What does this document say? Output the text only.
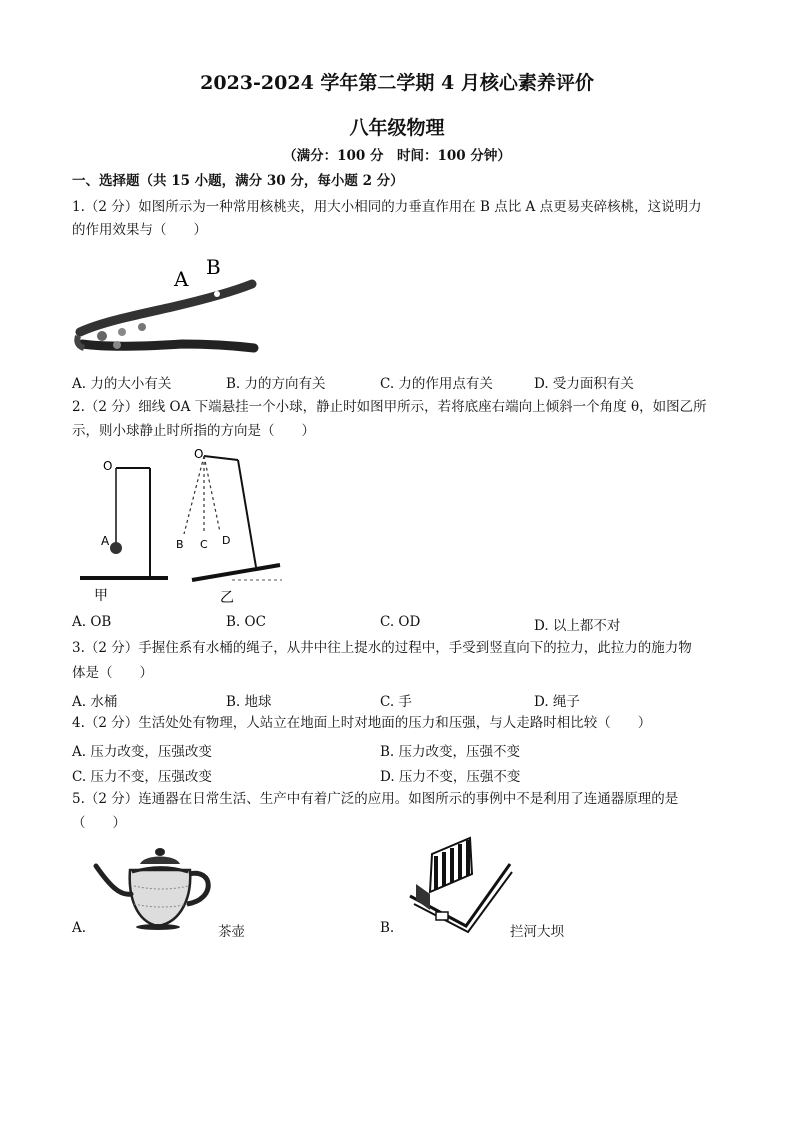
2023-2024 学年第二学期 4 月核心素养评价
八年级物理
（满分：100 分　时间：100 分钟）
一、选择题（共 15 小题，满分 30 分，每小题 2 分）
1.（2 分）如图所示为一种常用核桃夹，用大小相同的力垂直作用在 B 点比 A 点更易夹碎核桃，这说明力
的作用效果与（　　）
A B
A. 力的大小有关	B. 力的方向有关	C. 力的作用点有关	D. 受力面积有关
2.（2 分）细线 OA 下端悬挂一个小球，静止时如图甲所示，若将底座右端向上倾斜一个角度 θ，如图乙所
示，则小球静止时所指的方向是（　　）
O
A
甲
O
B C D
乙
A. OB	B. OC	C. OD	D. 以上都不对
3.（2 分）手握住系有水桶的绳子，从井中往上提水的过程中，手受到竖直向下的拉力，此拉力的施力物
体是（　　）
A. 水桶	B. 地球	C. 手	D. 绳子
4.（2 分）生活处处有物理，人站立在地面上时对地面的压力和压强，与人走路时相比较（　　）
A. 压力改变，压强改变	B. 压力改变，压强不变
C. 压力不变，压强改变	D. 压力不变，压强不变
5.（2 分）连通器在日常生活、生产中有着广泛的应用。如图所示的事例中不是利用了连通器原理的是
（　　）
A.	茶壶	B.	拦河大坝
